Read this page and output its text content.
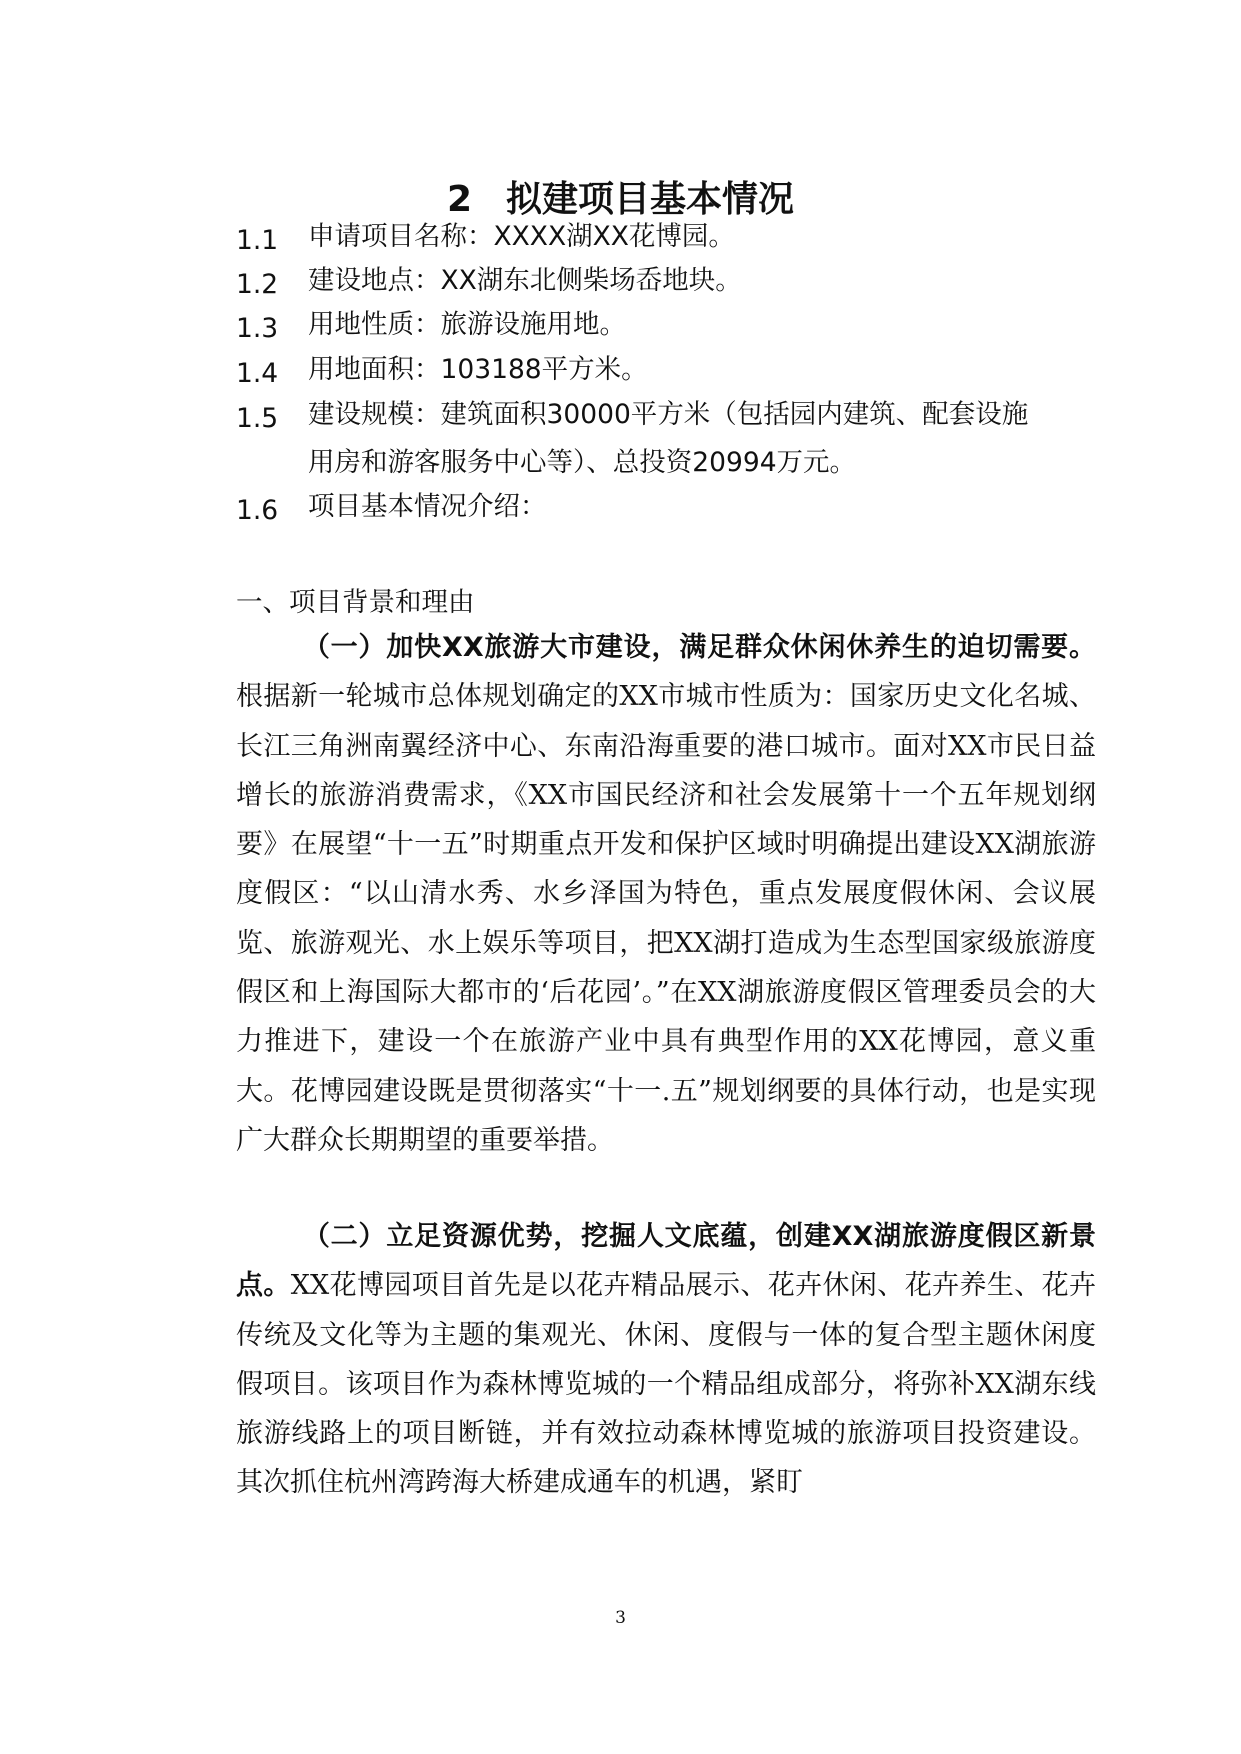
2 拟建项目基本情况
1.1	申请项目名称：XXXX湖XX花博园。
1.2	建设地点：XX湖东北侧柴场岙地块。
1.3	用地性质：旅游设施用地。
1.4	用地面积：103188平方米。
1.5	建设规模：建筑面积30000平方米（包括园内建筑、配套设施
用房和游客服务中心等）、总投资20994万元。
1.6	项目基本情况介绍：
一、项目背景和理由

（一）加快XX旅游大市建设，满足群众休闲休养生的迫切需要。根据新一轮城市总体规划确定的XX市城市性质为：国家历史文化名城、长江三角洲南翼经济中心、东南沿海重要的港口城市。面对XX市民日益增长的旅游消费需求，《XX市国民经济和社会发展第十一个五年规划纲要》在展望“十一五”时期重点开发和保护区域时明确提出建设XX湖旅游度假区：“以山清水秀、水乡泽国为特色，重点发展度假休闲、会议展览、旅游观光、水上娱乐等项目，把XX湖打造成为生态型国家级旅游度假区和上海国际大都市的‘后花园’。”在XX湖旅游度假区管理委员会的大力推进下，建设一个在旅游产业中具有典型作用的XX花博园，意义重大。花博园建设既是贯彻落实“十一.五”规划纲要的具体行动，也是实现广大群众长期期望的重要举措。

（二）立足资源优势，挖掘人文底蕴，创建XX湖旅游度假区新景点。XX花博园项目首先是以花卉精品展示、花卉休闲、花卉养生、花卉传统及文化等为主题的集观光、休闲、度假与一体的复合型主题休闲度假项目。该项目作为森林博览城的一个精品组成部分，将弥补XX湖东线旅游线路上的项目断链，并有效拉动森林博览城的旅游项目投资建设。其次抓住杭州湾跨海大桥建成通车的机遇，紧盯

3
